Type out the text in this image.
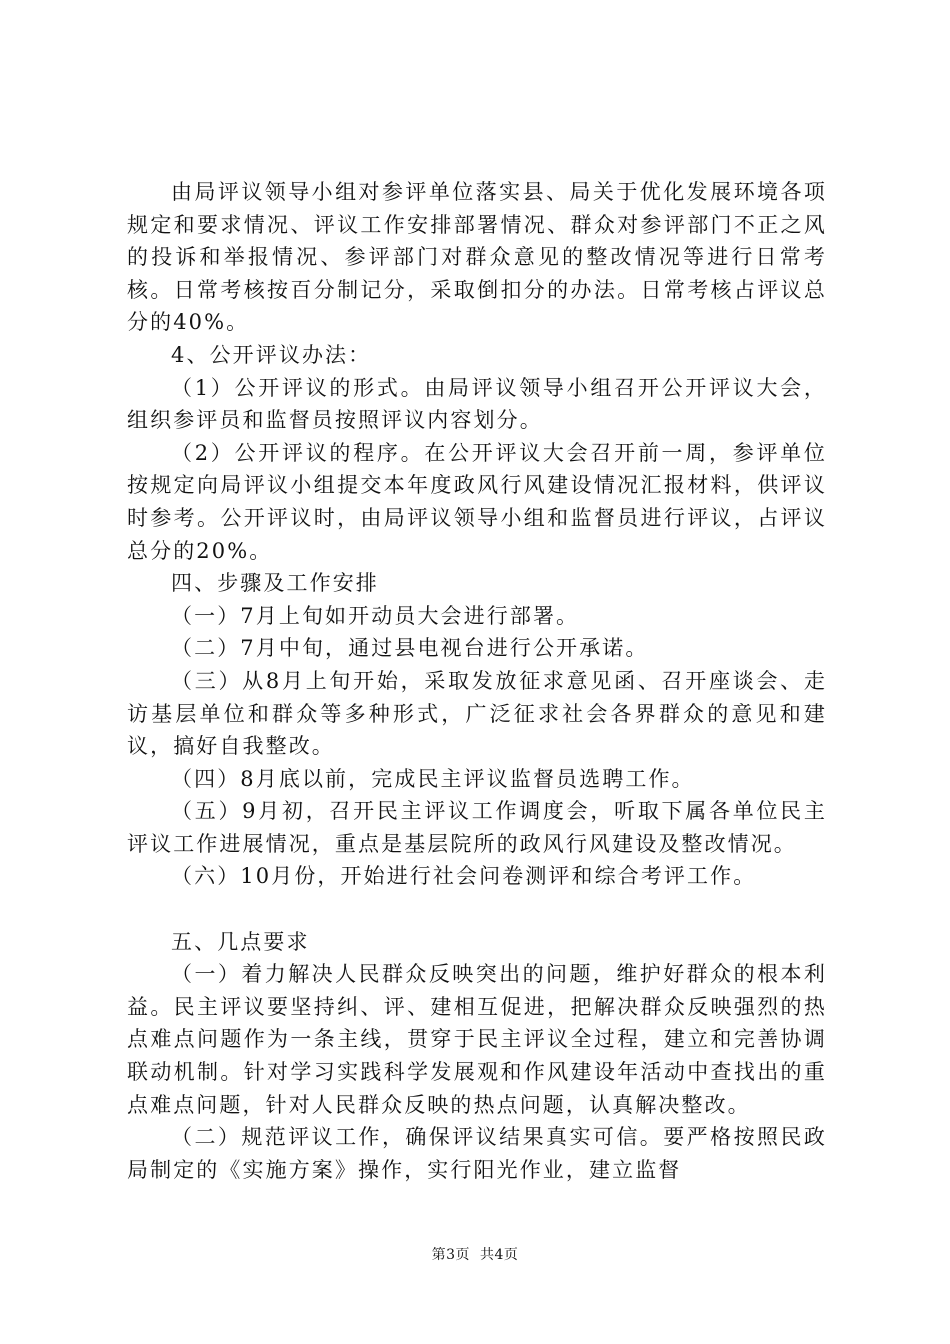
由局评议领导小组对参评单位落实县、局关于优化发展环境各项规定和要求情况、评议工作安排部署情况、群众对参评部门不正之风的投诉和举报情况、参评部门对群众意见的整改情况等进行日常考核。日常考核按百分制记分，采取倒扣分的办法。日常考核占评议总分的40%。

4、公开评议办法：

（1）公开评议的形式。由局评议领导小组召开公开评议大会，组织参评员和监督员按照评议内容划分。

（2）公开评议的程序。在公开评议大会召开前一周，参评单位按规定向局评议小组提交本年度政风行风建设情况汇报材料，供评议时参考。公开评议时，由局评议领导小组和监督员进行评议，占评议总分的20%。

四、步骤及工作安排

（一）7月上旬如开动员大会进行部署。

（二）7月中旬，通过县电视台进行公开承诺。

（三）从8月上旬开始，采取发放征求意见函、召开座谈会、走访基层单位和群众等多种形式，广泛征求社会各界群众的意见和建议，搞好自我整改。

（四）8月底以前，完成民主评议监督员选聘工作。

（五）9月初，召开民主评议工作调度会，听取下属各单位民主评议工作进展情况，重点是基层院所的政风行风建设及整改情况。

（六）10月份，开始进行社会问卷测评和综合考评工作。

五、几点要求

（一）着力解决人民群众反映突出的问题，维护好群众的根本利益。民主评议要坚持纠、评、建相互促进，把解决群众反映强烈的热点难点问题作为一条主线，贯穿于民主评议全过程，建立和完善协调联动机制。针对学习实践科学发展观和作风建设年活动中查找出的重点难点问题，针对人民群众反映的热点问题，认真解决整改。

（二）规范评议工作，确保评议结果真实可信。要严格按照民政局制定的《实施方案》操作，实行阳光作业，建立监督

第3页 共4页
